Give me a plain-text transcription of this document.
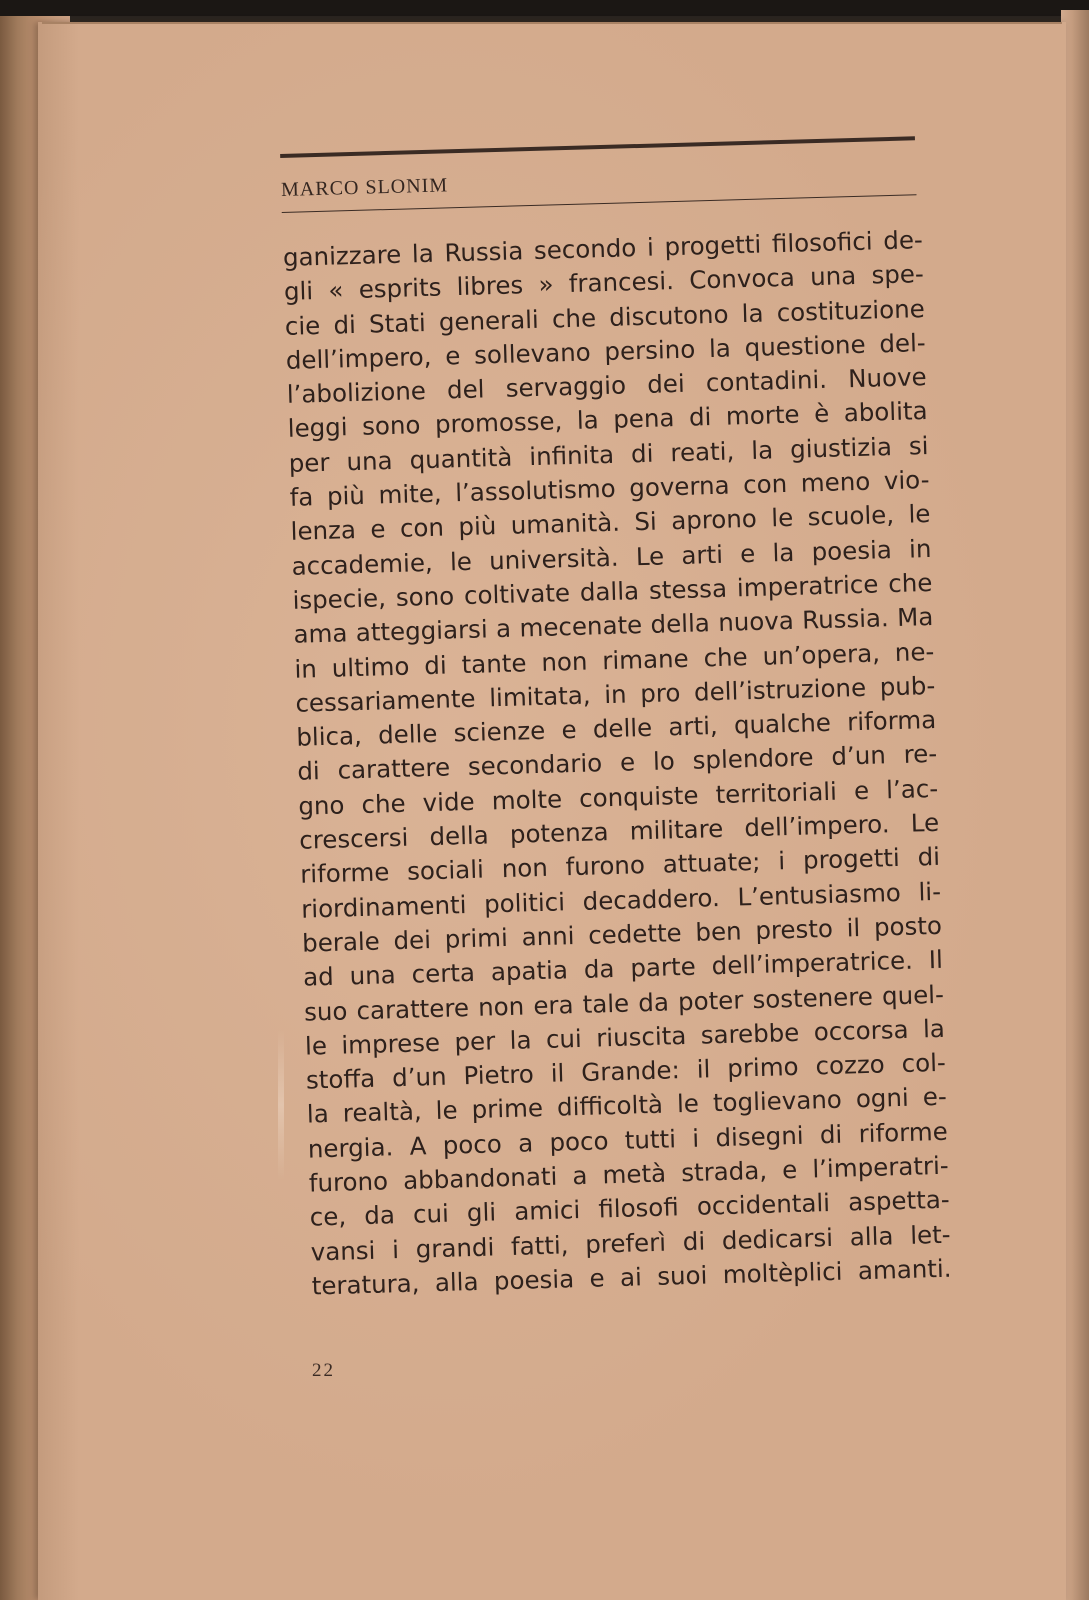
MARCO SLONIM
ganizzare la Russia secondo i progetti filosofici de-
gli « esprits libres » francesi. Convoca una spe-
cie di Stati generali che discutono la costituzione
dell’impero, e sollevano persino la questione del-
l’abolizione del servaggio dei contadini. Nuove
leggi sono promosse, la pena di morte è abolita
per una quantità infinita di reati, la giustizia si
fa più mite, l’assolutismo governa con meno vio-
lenza e con più umanità. Si aprono le scuole, le
accademie, le università. Le arti e la poesia in
ispecie, sono coltivate dalla stessa imperatrice che
ama atteggiarsi a mecenate della nuova Russia. Ma
in ultimo di tante non rimane che un’opera, ne-
cessariamente limitata, in pro dell’istruzione pub-
blica, delle scienze e delle arti, qualche riforma
di carattere secondario e lo splendore d’un re-
gno che vide molte conquiste territoriali e l’ac-
crescersi della potenza militare dell’impero. Le
riforme sociali non furono attuate; i progetti di
riordinamenti politici decaddero. L’entusiasmo li-
berale dei primi anni cedette ben presto il posto
ad una certa apatia da parte dell’imperatrice. Il
suo carattere non era tale da poter sostenere quel-
le imprese per la cui riuscita sarebbe occorsa la
stoffa d’un Pietro il Grande: il primo cozzo col-
la realtà, le prime difficoltà le toglievano ogni e-
nergia. A poco a poco tutti i disegni di riforme
furono abbandonati a metà strada, e l’imperatri-
ce, da cui gli amici filosofi occidentali aspetta-
vansi i grandi fatti, preferì di dedicarsi alla let-
teratura, alla poesia e ai suoi moltèplici amanti.
22
